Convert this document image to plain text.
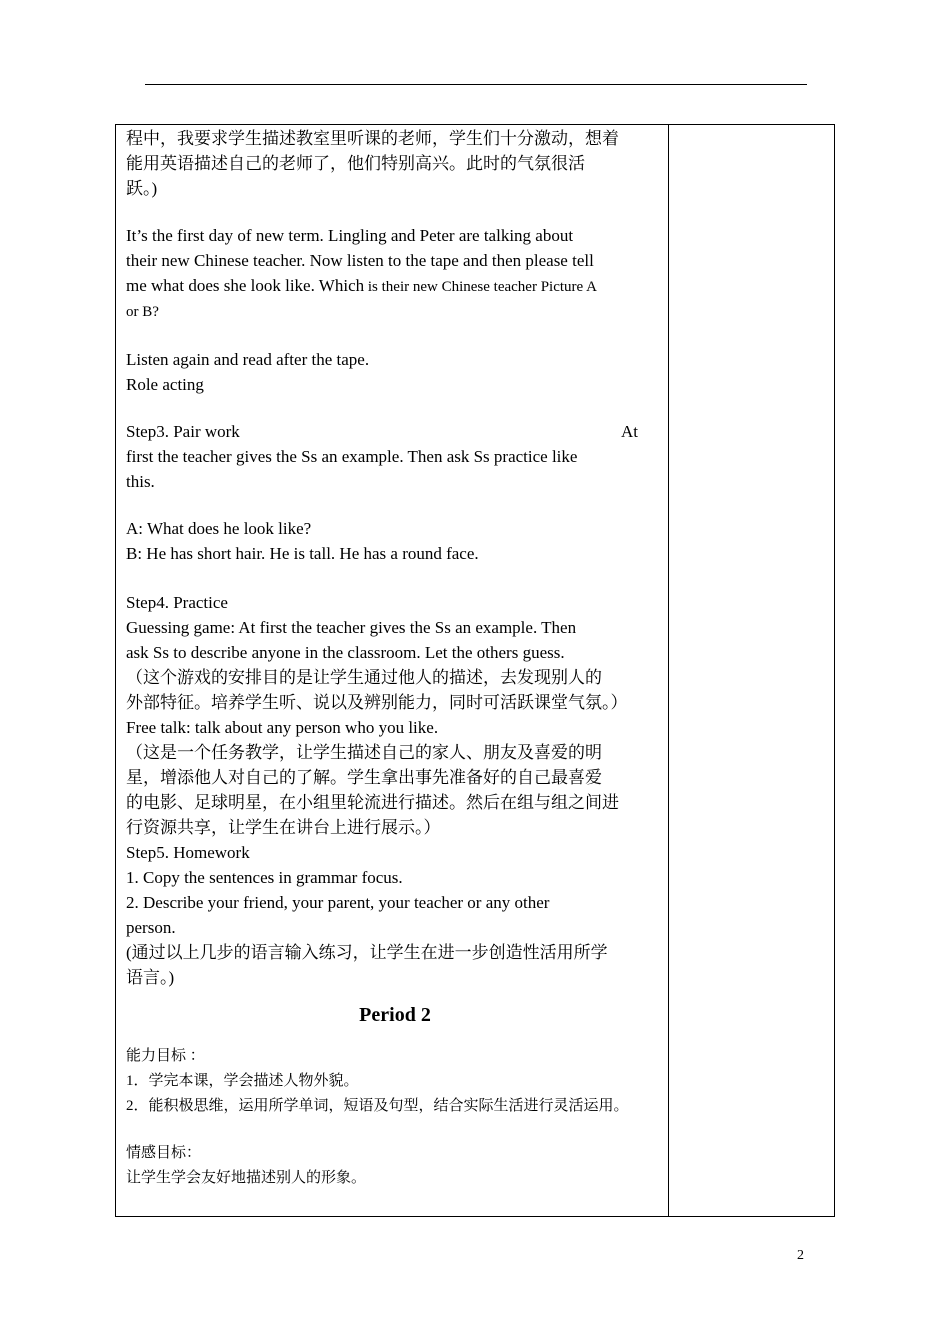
程中，我要求学生描述教室里听课的老师，学生们十分激动，想着
能用英语描述自己的老师了，他们特别高兴。此时的气氛很活
跃。)
It’s the first day of new term. Lingling and Peter are talking about
their new Chinese teacher. Now listen to the tape and then please tell
me what does she look like. Which is their new Chinese teacher Picture A
or B?
Listen again and read after the tape.
Role acting
Step3. Pair work	At
first the teacher gives the Ss an example. Then ask Ss practice like
this.
A: What does he look like?
B: He has short hair. He is tall. He has a round face.
Step4. Practice
Guessing game: At first the teacher gives the Ss an example. Then
ask Ss to describe anyone in the classroom. Let the others guess.
（这个游戏的安排目的是让学生通过他人的描述，去发现别人的
外部特征。培养学生听、说以及辨别能力，同时可活跃课堂气氛。）
Free talk: talk about any person who you like.
（这是一个任务教学，让学生描述自己的家人、朋友及喜爱的明
星，增添他人对自己的了解。学生拿出事先准备好的自己最喜爱
的电影、足球明星，在小组里轮流进行描述。然后在组与组之间进
行资源共享，让学生在讲台上进行展示。）
Step5. Homework
1. Copy the sentences in grammar focus.
2. Describe your friend, your parent, your teacher or any other
person.
(通过以上几步的语言输入练习，让学生在进一步创造性活用所学
语言。)
Period 2
能力目标 ：
1．学完本课，学会描述人物外貌。
2．能积极思维，运用所学单词，短语及句型，结合实际生活进行灵活运用。
情感目标：
让学生学会友好地描述别人的形象。
2
